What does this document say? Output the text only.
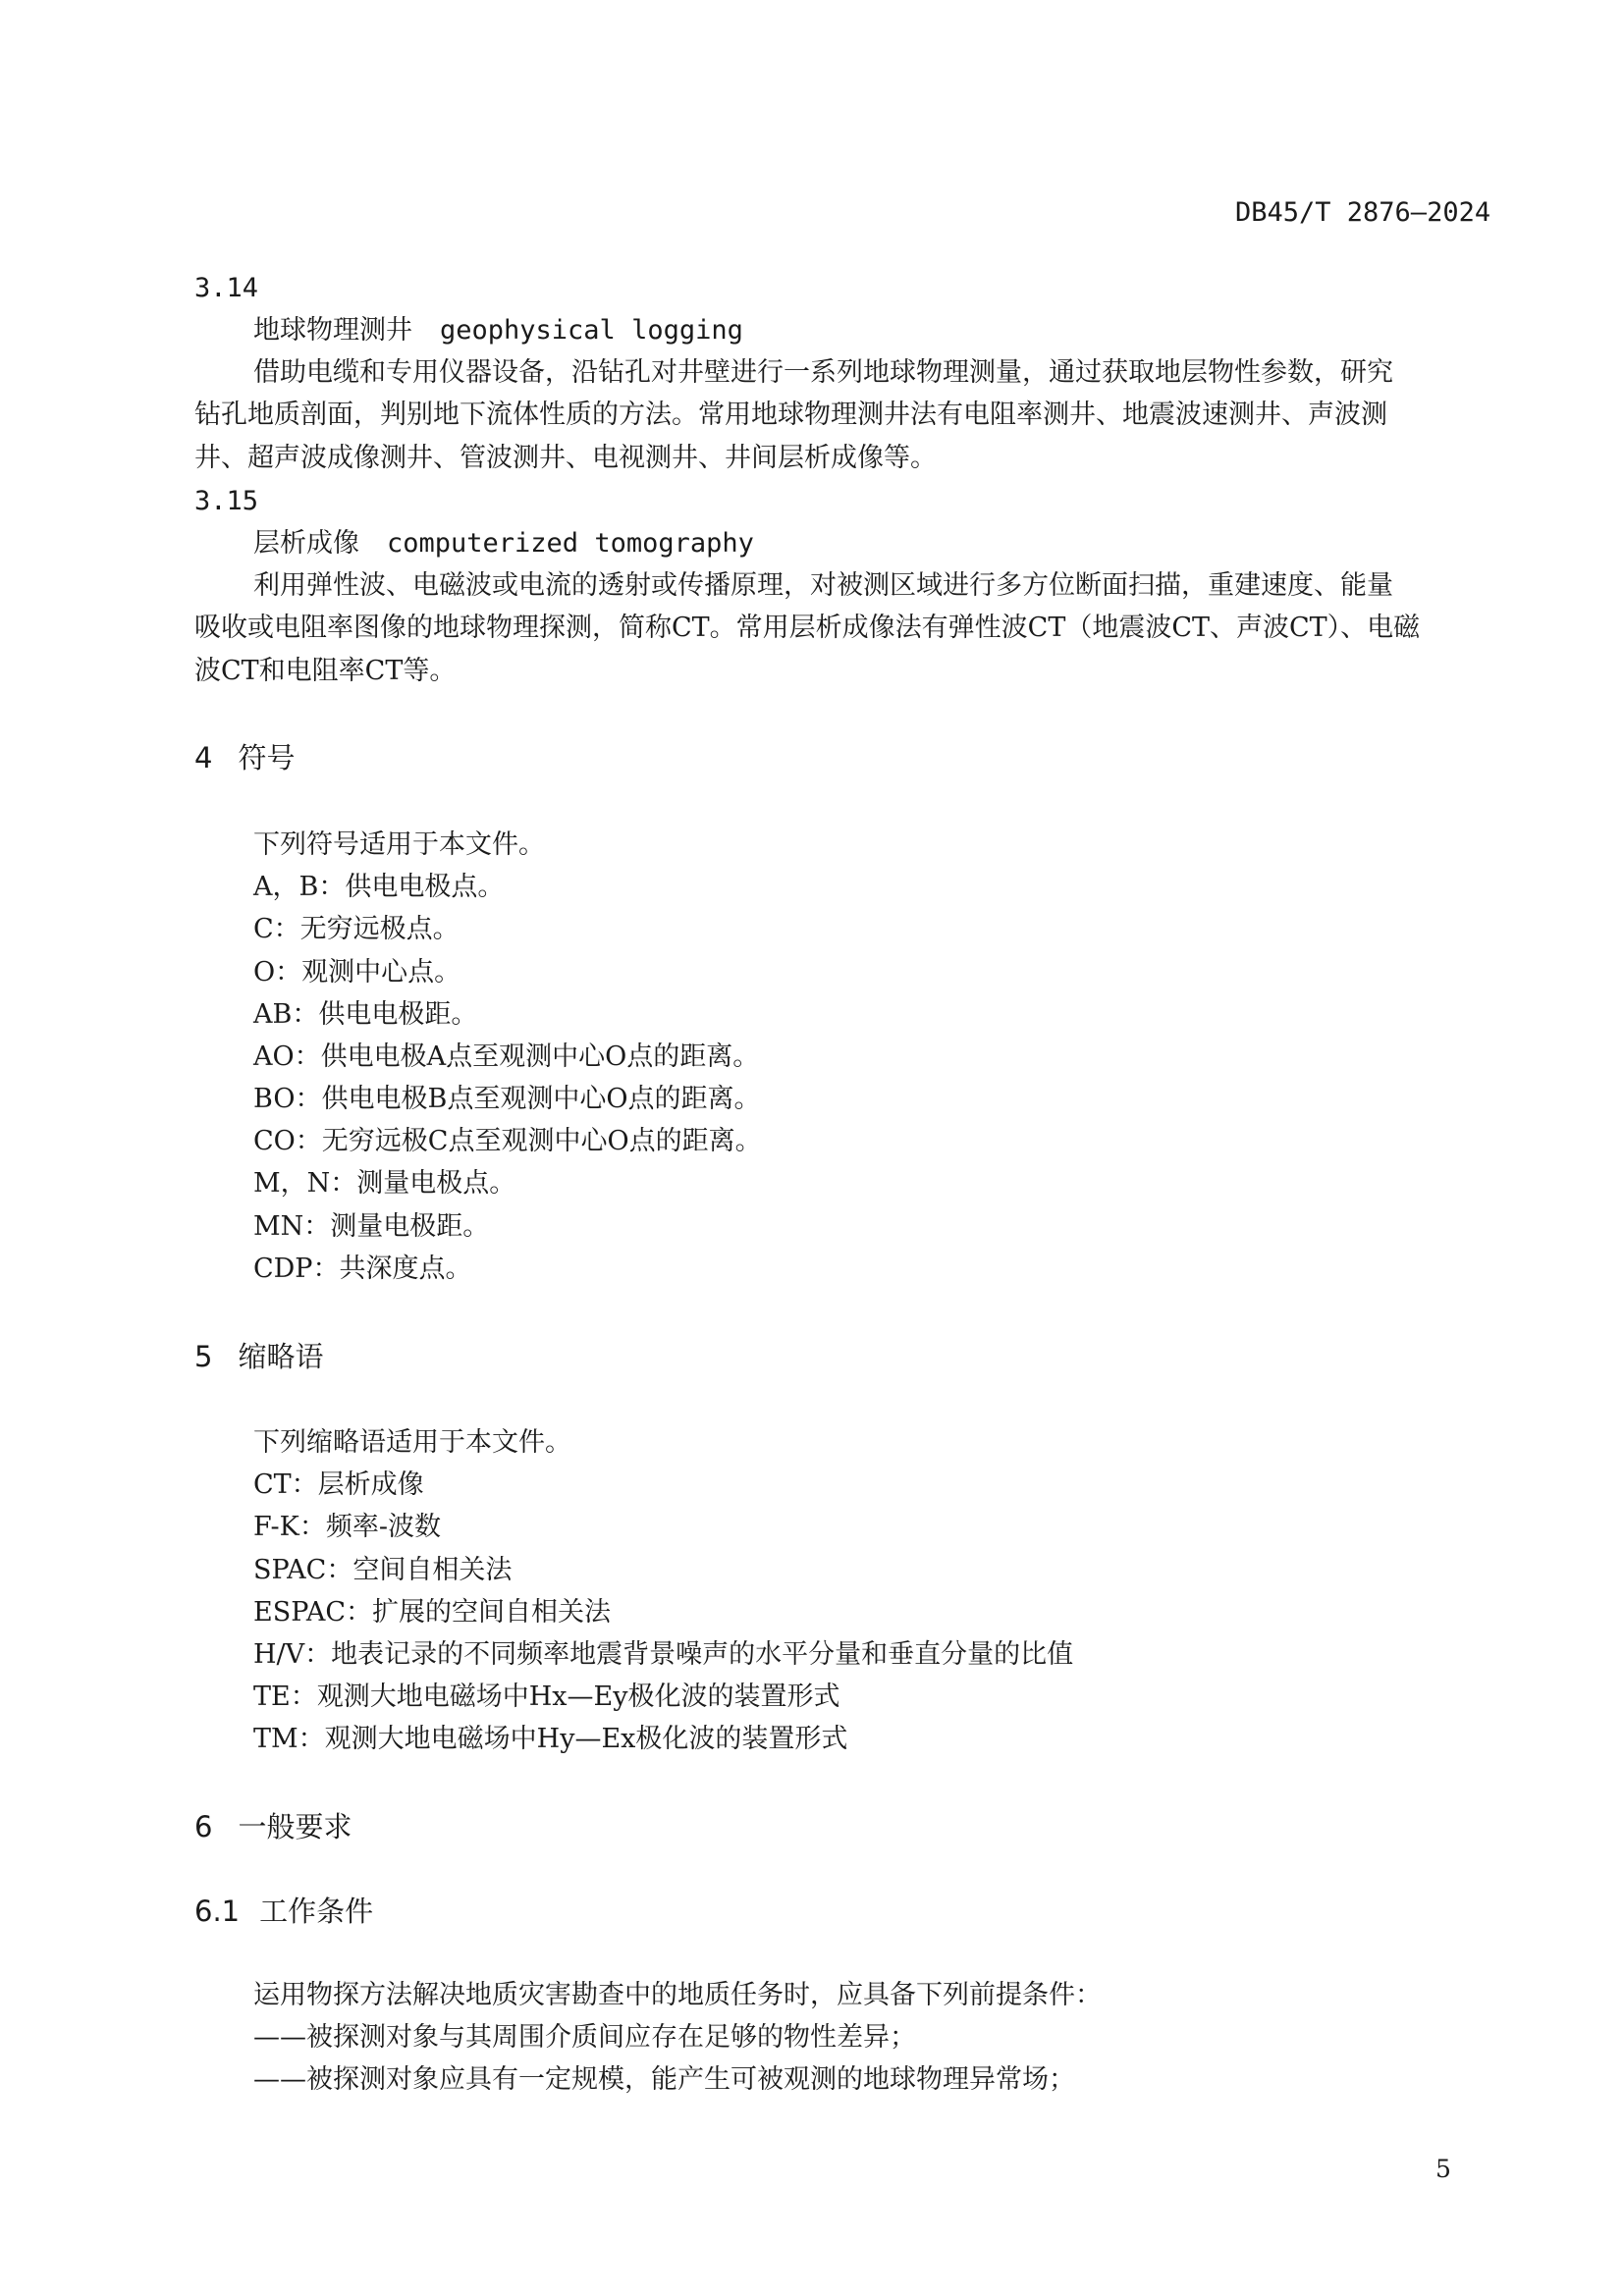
DB45/T 2876—2024
3.14
地球物理测井 geophysical logging
借助电缆和专用仪器设备，沿钻孔对井壁进行一系列地球物理测量，通过获取地层物性参数，研究
钻孔地质剖面，判别地下流体性质的方法。常用地球物理测井法有电阻率测井、地震波速测井、声波测
井、超声波成像测井、管波测井、电视测井、井间层析成像等。
3.15
层析成像 computerized tomography
利用弹性波、电磁波或电流的透射或传播原理，对被测区域进行多方位断面扫描，重建速度、能量
吸收或电阻率图像的地球物理探测，简称CT。常用层析成像法有弹性波CT（地震波CT、声波CT）、电磁
波CT和电阻率CT等。
4 符号
下列符号适用于本文件。
A，B：供电电极点。
C：无穷远极点。
O：观测中心点。
AB：供电电极距。
AO：供电电极A点至观测中心O点的距离。
BO：供电电极B点至观测中心O点的距离。
CO：无穷远极C点至观测中心O点的距离。
M，N：测量电极点。
MN：测量电极距。
CDP：共深度点。
5 缩略语
下列缩略语适用于本文件。
CT：层析成像
F-K：频率-波数
SPAC：空间自相关法
ESPAC：扩展的空间自相关法
H/V：地表记录的不同频率地震背景噪声的水平分量和垂直分量的比值
TE：观测大地电磁场中Hx—Ey极化波的装置形式
TM：观测大地电磁场中Hy—Ex极化波的装置形式
6 一般要求
6.1 工作条件
运用物探方法解决地质灾害勘查中的地质任务时，应具备下列前提条件：
——被探测对象与其周围介质间应存在足够的物性差异；
——被探测对象应具有一定规模，能产生可被观测的地球物理异常场；
5
